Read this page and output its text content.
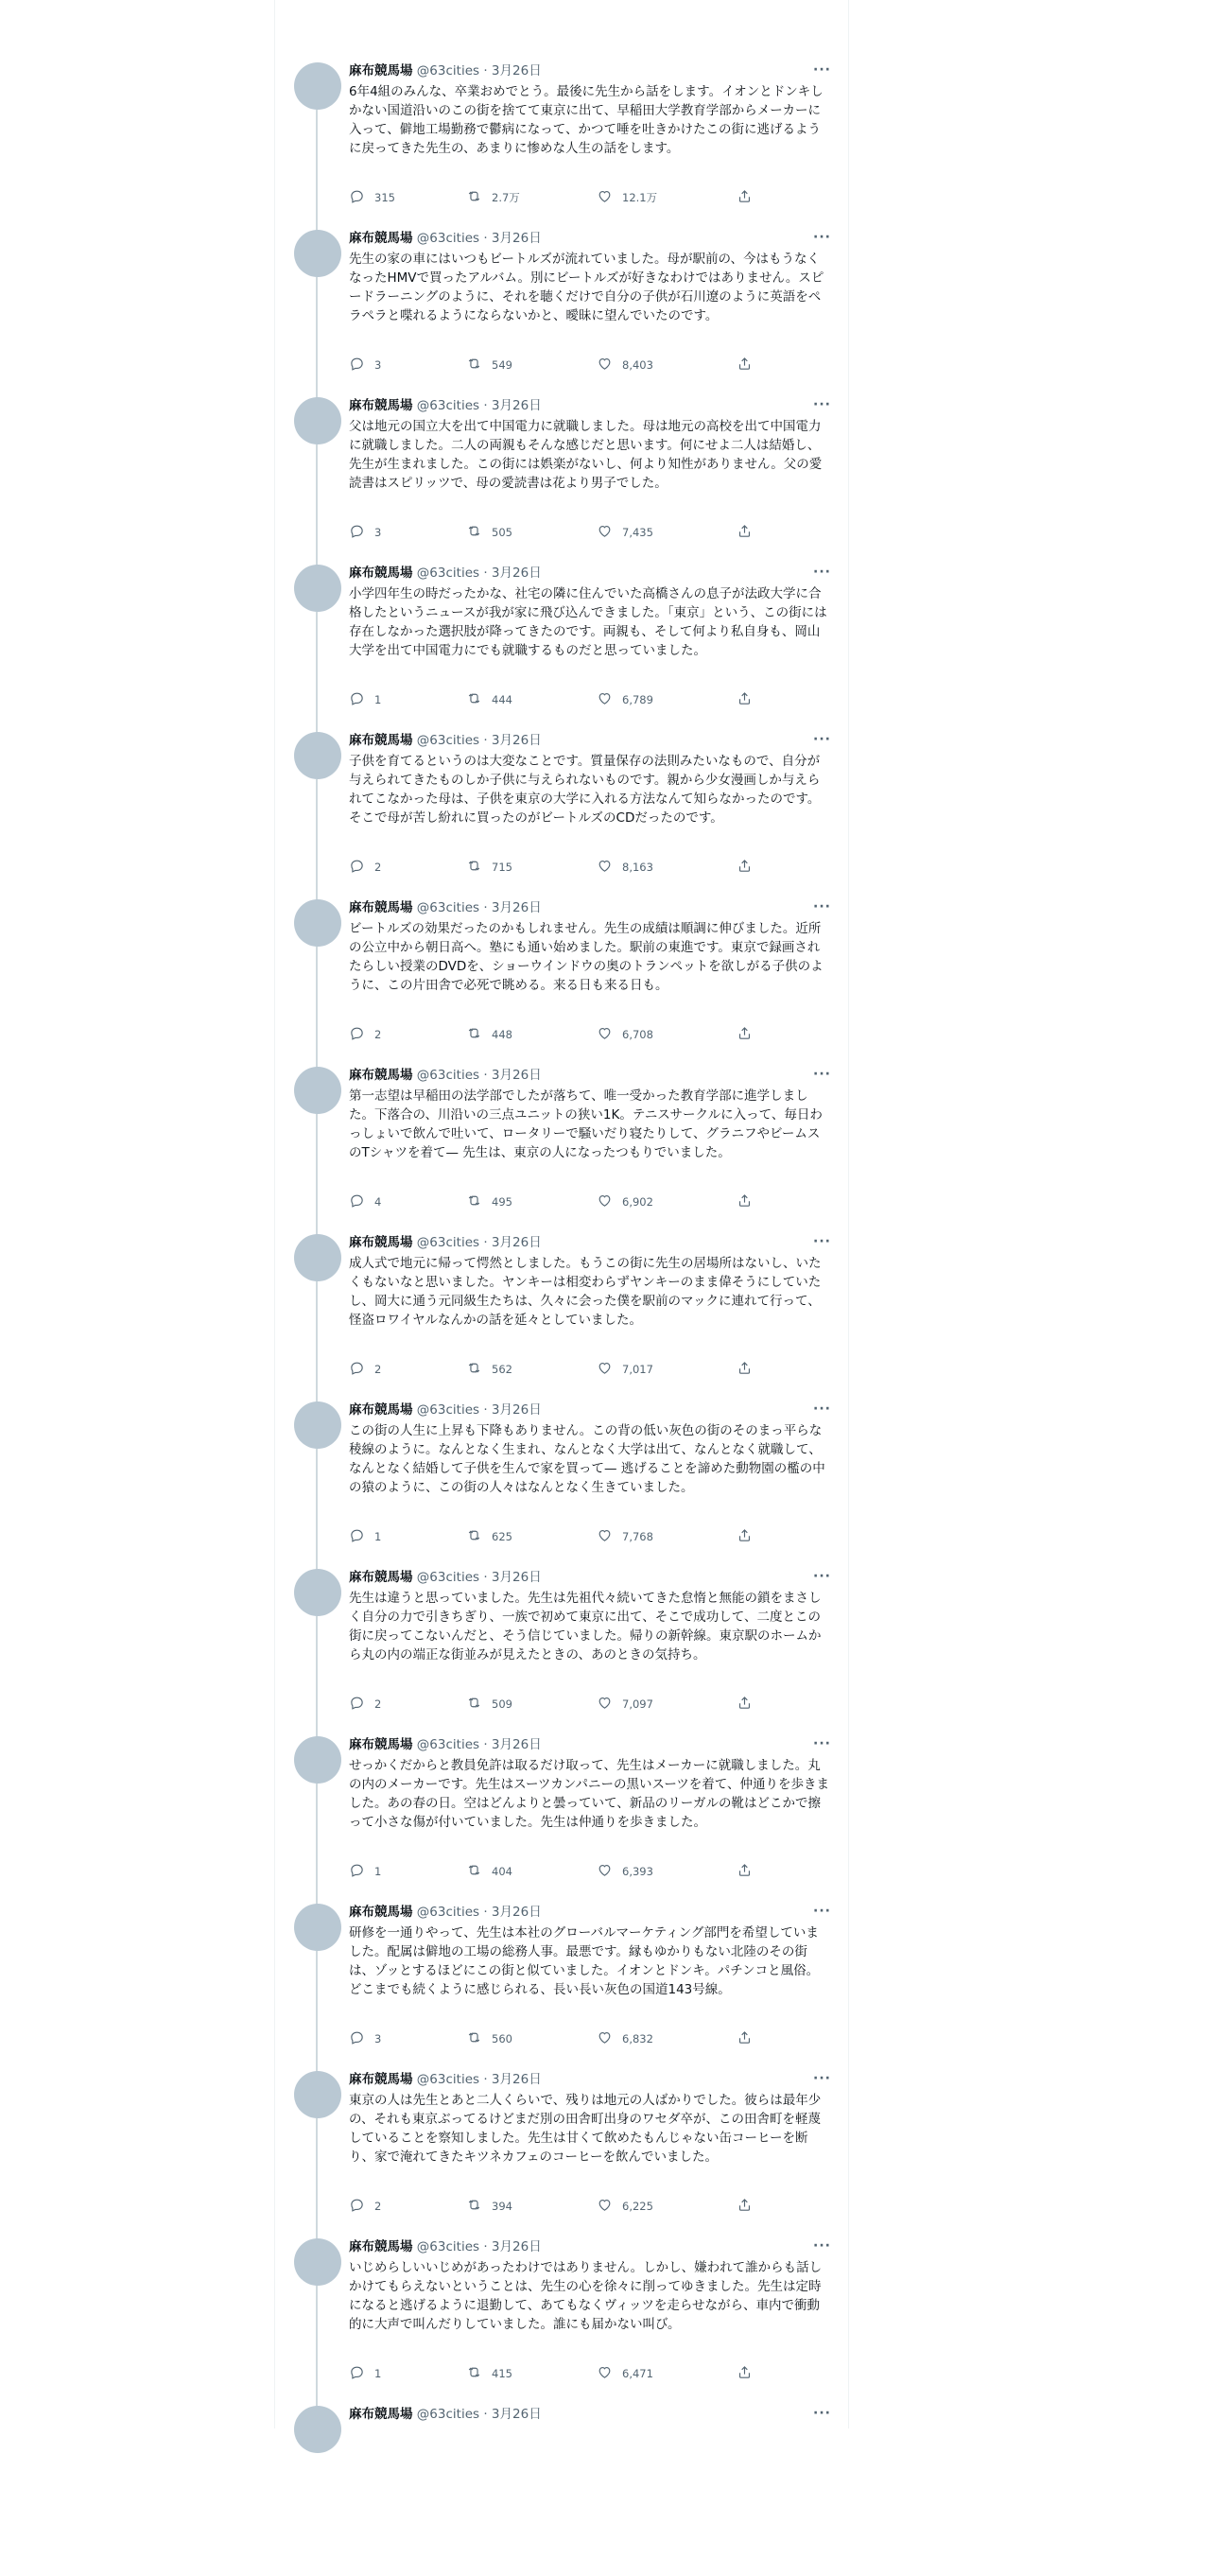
麻布競馬場 @63cities · 3月26日	···
6年4組のみんな、卒業おめでとう。最後に先生から話をします。イオンとドンキしかない国道沿いのこの街を捨てて東京に出て、早稲田大学教育学部からメーカーに入って、僻地工場勤務で鬱病になって、かつて唾を吐きかけたこの街に逃げるように戻ってきた先生の、あまりに惨めな人生の話をします。
315	2.7万	12.1万
麻布競馬場 @63cities · 3月26日	···
先生の家の車にはいつもビートルズが流れていました。母が駅前の、今はもうなくなったHMVで買ったアルバム。別にビートルズが好きなわけではありません。スピードラーニングのように、それを聴くだけで自分の子供が石川遼のように英語をペラペラと喋れるようにならないかと、曖昧に望んでいたのです。
3	549	8,403
麻布競馬場 @63cities · 3月26日	···
父は地元の国立大を出て中国電力に就職しました。母は地元の高校を出て中国電力に就職しました。二人の両親もそんな感じだと思います。何にせよ二人は結婚し、先生が生まれました。この街には娯楽がないし、何より知性がありません。父の愛読書はスピリッツで、母の愛読書は花より男子でした。
3	505	7,435
麻布競馬場 @63cities · 3月26日	···
小学四年生の時だったかな、社宅の隣に住んでいた高橋さんの息子が法政大学に合格したというニュースが我が家に飛び込んできました。「東京」という、この街には存在しなかった選択肢が降ってきたのです。両親も、そして何より私自身も、岡山大学を出て中国電力にでも就職するものだと思っていました。
1	444	6,789
麻布競馬場 @63cities · 3月26日	···
子供を育てるというのは大変なことです。質量保存の法則みたいなもので、自分が与えられてきたものしか子供に与えられないものです。親から少女漫画しか与えられてこなかった母は、子供を東京の大学に入れる方法なんて知らなかったのです。そこで母が苦し紛れに買ったのがビートルズのCDだったのです。
2	715	8,163
麻布競馬場 @63cities · 3月26日	···
ビートルズの効果だったのかもしれません。先生の成績は順調に伸びました。近所の公立中から朝日高へ。塾にも通い始めました。駅前の東進です。東京で録画されたらしい授業のDVDを、ショーウインドウの奥のトランペットを欲しがる子供のように、この片田舎で必死で眺める。来る日も来る日も。
2	448	6,708
麻布競馬場 @63cities · 3月26日	···
第一志望は早稲田の法学部でしたが落ちて、唯一受かった教育学部に進学しました。下落合の、川沿いの三点ユニットの狭い1K。テニスサークルに入って、毎日わっしょいで飲んで吐いて、ロータリーで騒いだり寝たりして、グラニフやビームスのTシャツを着て— 先生は、東京の人になったつもりでいました。
4	495	6,902
麻布競馬場 @63cities · 3月26日	···
成人式で地元に帰って愕然としました。もうこの街に先生の居場所はないし、いたくもないなと思いました。ヤンキーは相変わらずヤンキーのまま偉そうにしていたし、岡大に通う元同級生たちは、久々に会った僕を駅前のマックに連れて行って、怪盗ロワイヤルなんかの話を延々としていました。
2	562	7,017
麻布競馬場 @63cities · 3月26日	···
この街の人生に上昇も下降もありません。この背の低い灰色の街のそのまっ平らな稜線のように。なんとなく生まれ、なんとなく大学は出て、なんとなく就職して、なんとなく結婚して子供を生んで家を買って— 逃げることを諦めた動物園の檻の中の猿のように、この街の人々はなんとなく生きていました。
1	625	7,768
麻布競馬場 @63cities · 3月26日	···
先生は違うと思っていました。先生は先祖代々続いてきた怠惰と無能の鎖をまさしく自分の力で引きちぎり、一族で初めて東京に出て、そこで成功して、二度とこの街に戻ってこないんだと、そう信じていました。帰りの新幹線。東京駅のホームから丸の内の端正な街並みが見えたときの、あのときの気持ち。
2	509	7,097
麻布競馬場 @63cities · 3月26日	···
せっかくだからと教員免許は取るだけ取って、先生はメーカーに就職しました。丸の内のメーカーです。先生はスーツカンパニーの黒いスーツを着て、仲通りを歩きました。あの春の日。空はどんよりと曇っていて、新品のリーガルの靴はどこかで擦って小さな傷が付いていました。先生は仲通りを歩きました。
1	404	6,393
麻布競馬場 @63cities · 3月26日	···
研修を一通りやって、先生は本社のグローバルマーケティング部門を希望していました。配属は僻地の工場の総務人事。最悪です。縁もゆかりもない北陸のその街は、ゾッとするほどにこの街と似ていました。イオンとドンキ。パチンコと風俗。どこまでも続くように感じられる、長い長い灰色の国道143号線。
3	560	6,832
麻布競馬場 @63cities · 3月26日	···
東京の人は先生とあと二人くらいで、残りは地元の人ばかりでした。彼らは最年少の、それも東京ぶってるけどまだ別の田舎町出身のワセダ卒が、この田舎町を軽蔑していることを察知しました。先生は甘くて飲めたもんじゃない缶コーヒーを断り、家で淹れてきたキツネカフェのコーヒーを飲んでいました。
2	394	6,225
麻布競馬場 @63cities · 3月26日	···
いじめらしいいじめがあったわけではありません。しかし、嫌われて誰からも話しかけてもらえないということは、先生の心を徐々に削ってゆきました。先生は定時になると逃げるように退勤して、あてもなくヴィッツを走らせながら、車内で衝動的に大声で叫んだりしていました。誰にも届かない叫び。
1	415	6,471
麻布競馬場 @63cities · 3月26日	···
